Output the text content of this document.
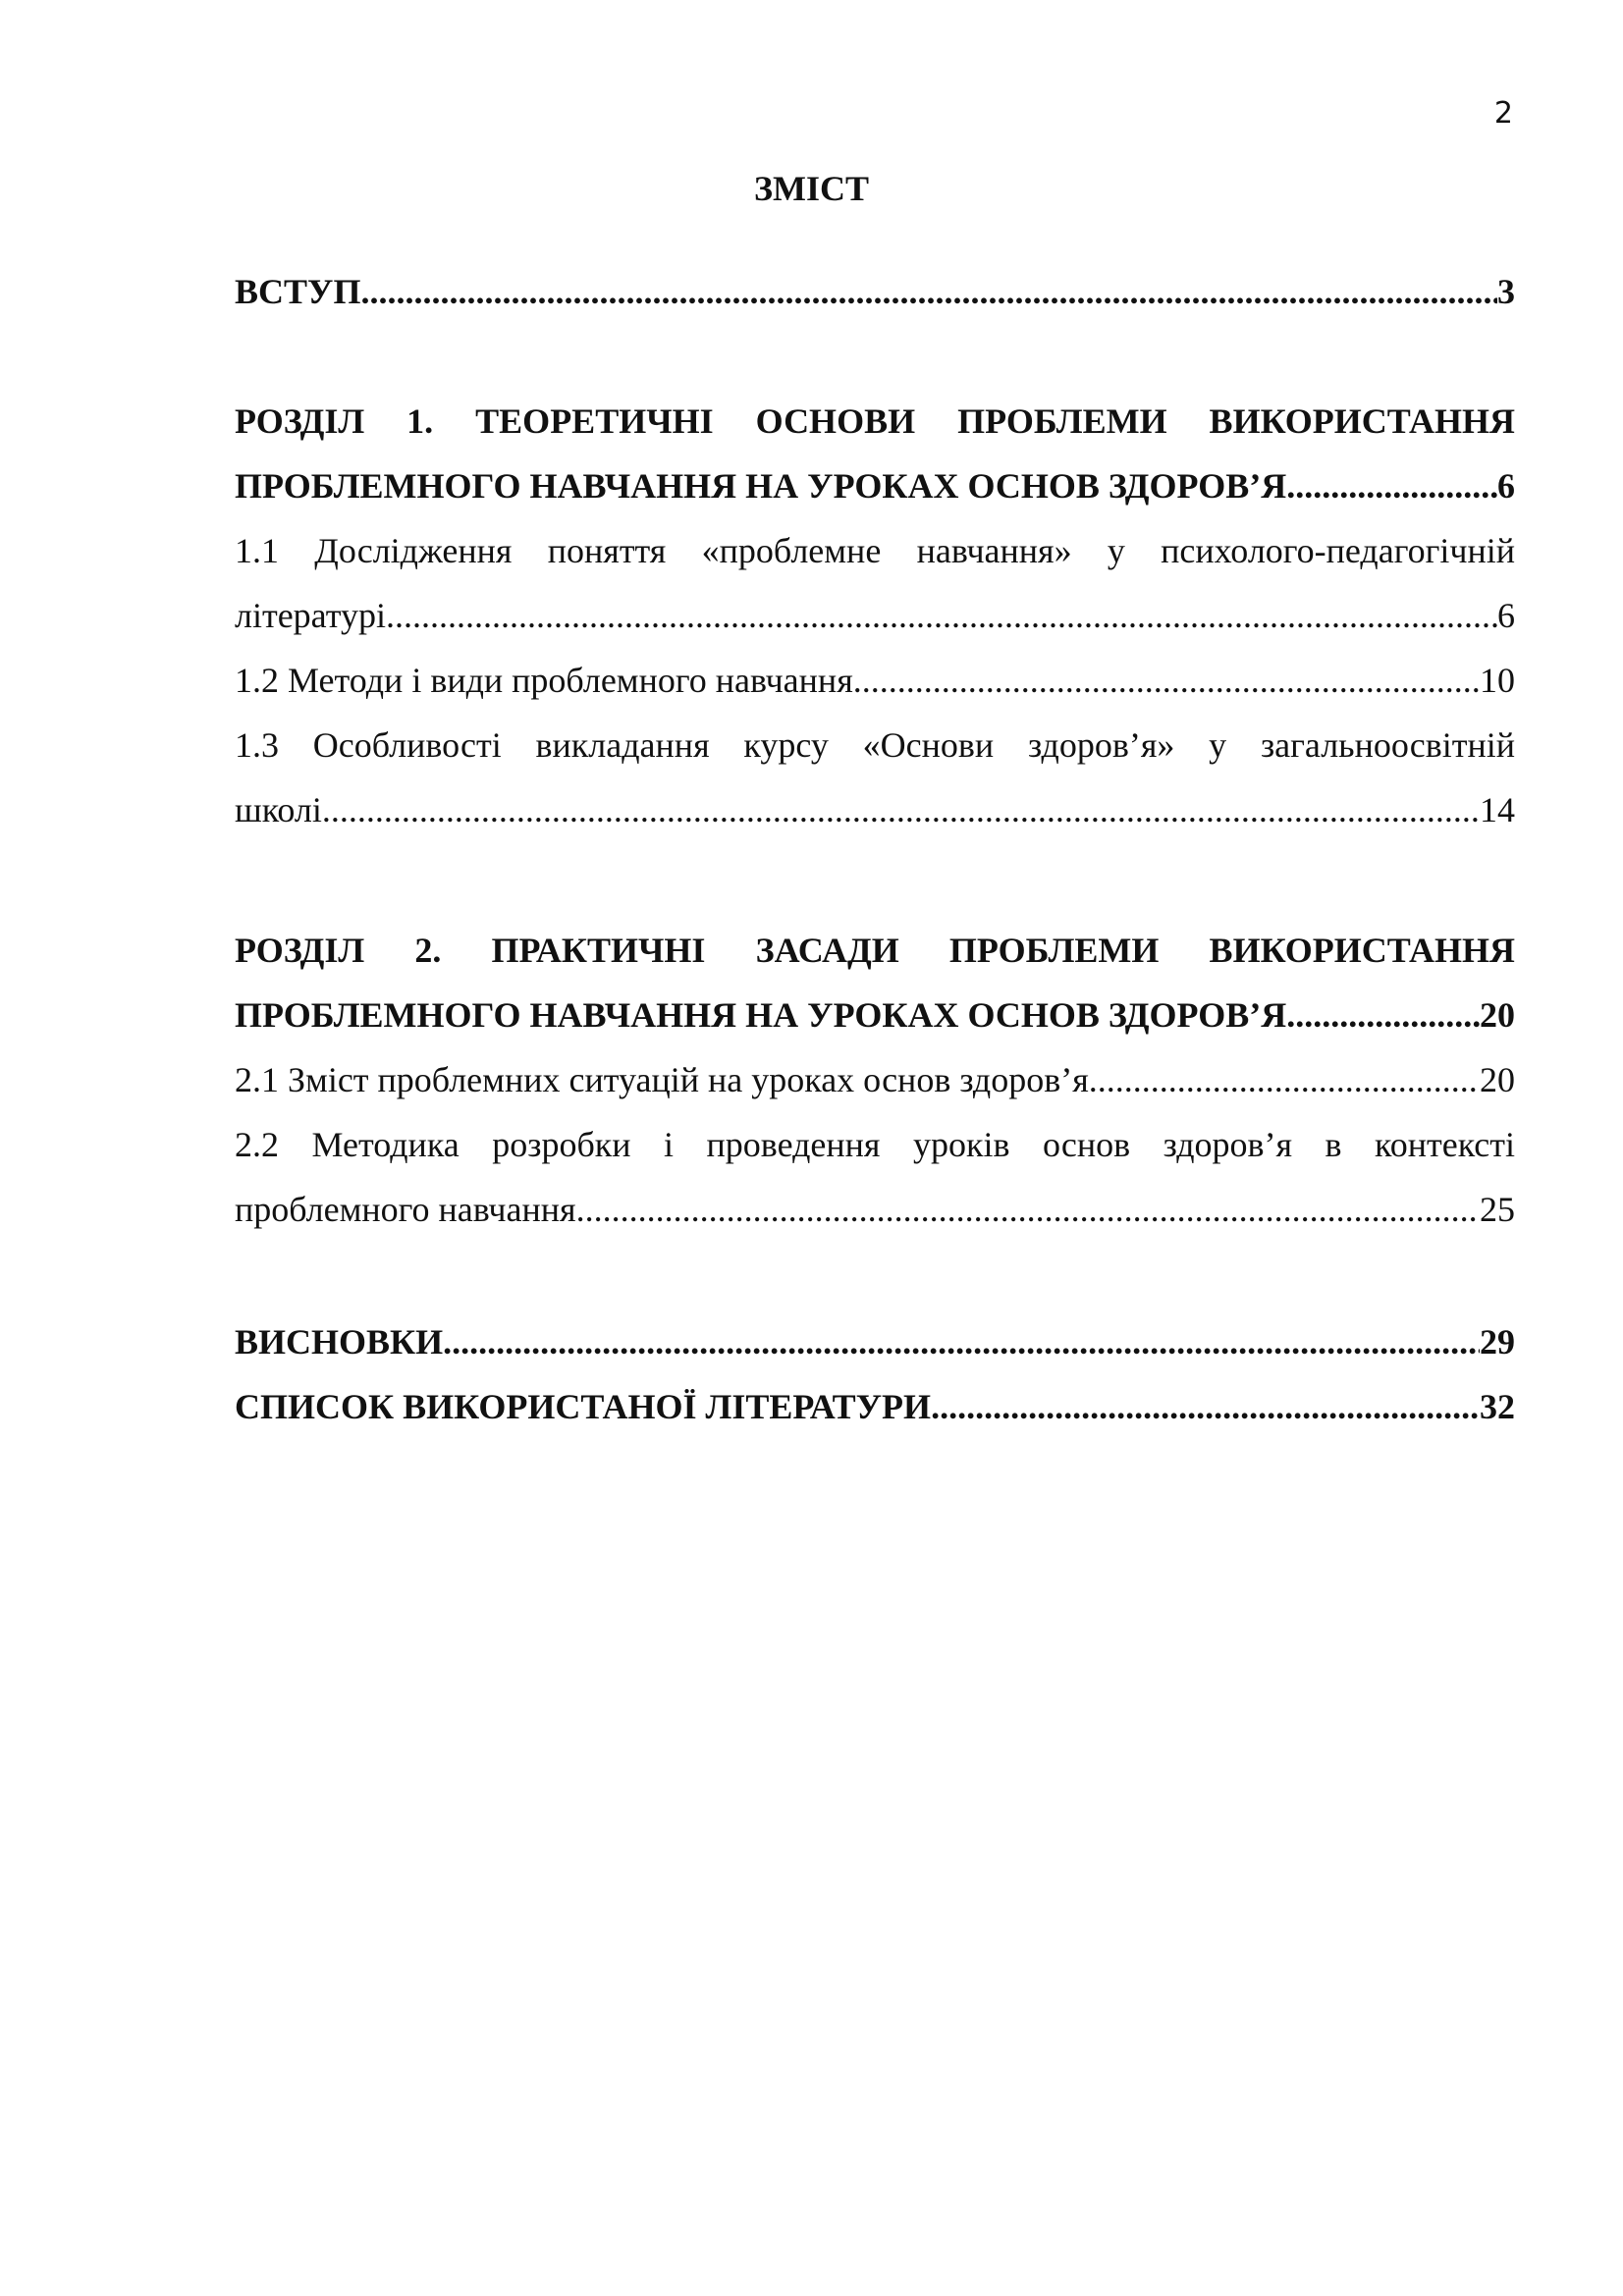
2
ЗМІСТ
ВСТУП .....	3
РОЗДІЛ 1. ТЕОРЕТИЧНІ ОСНОВИ ПРОБЛЕМИ ВИКОРИСТАННЯ
ПРОБЛЕМНОГО НАВЧАННЯ НА УРОКАХ ОСНОВ ЗДОРОВ’Я .....	6
1.1 Дослідження поняття «проблемне навчання» у психолого-педагогічній
літературі .....	6
1.2 Методи і види проблемного навчання .....	10
1.3 Особливості викладання курсу «Основи здоров’я» у загальноосвітній
школі .....	14
РОЗДІЛ 2. ПРАКТИЧНІ ЗАСАДИ ПРОБЛЕМИ ВИКОРИСТАННЯ
ПРОБЛЕМНОГО НАВЧАННЯ НА УРОКАХ ОСНОВ ЗДОРОВ’Я .....	20
2.1 Зміст проблемних ситуацій на уроках основ здоров’я .....	20
2.2 Методика розробки і проведення уроків основ здоров’я в контексті
проблемного навчання .....	25
ВИСНОВКИ .....	29
СПИСОК ВИКОРИСТАНОЇ ЛІТЕРАТУРИ .....	32
